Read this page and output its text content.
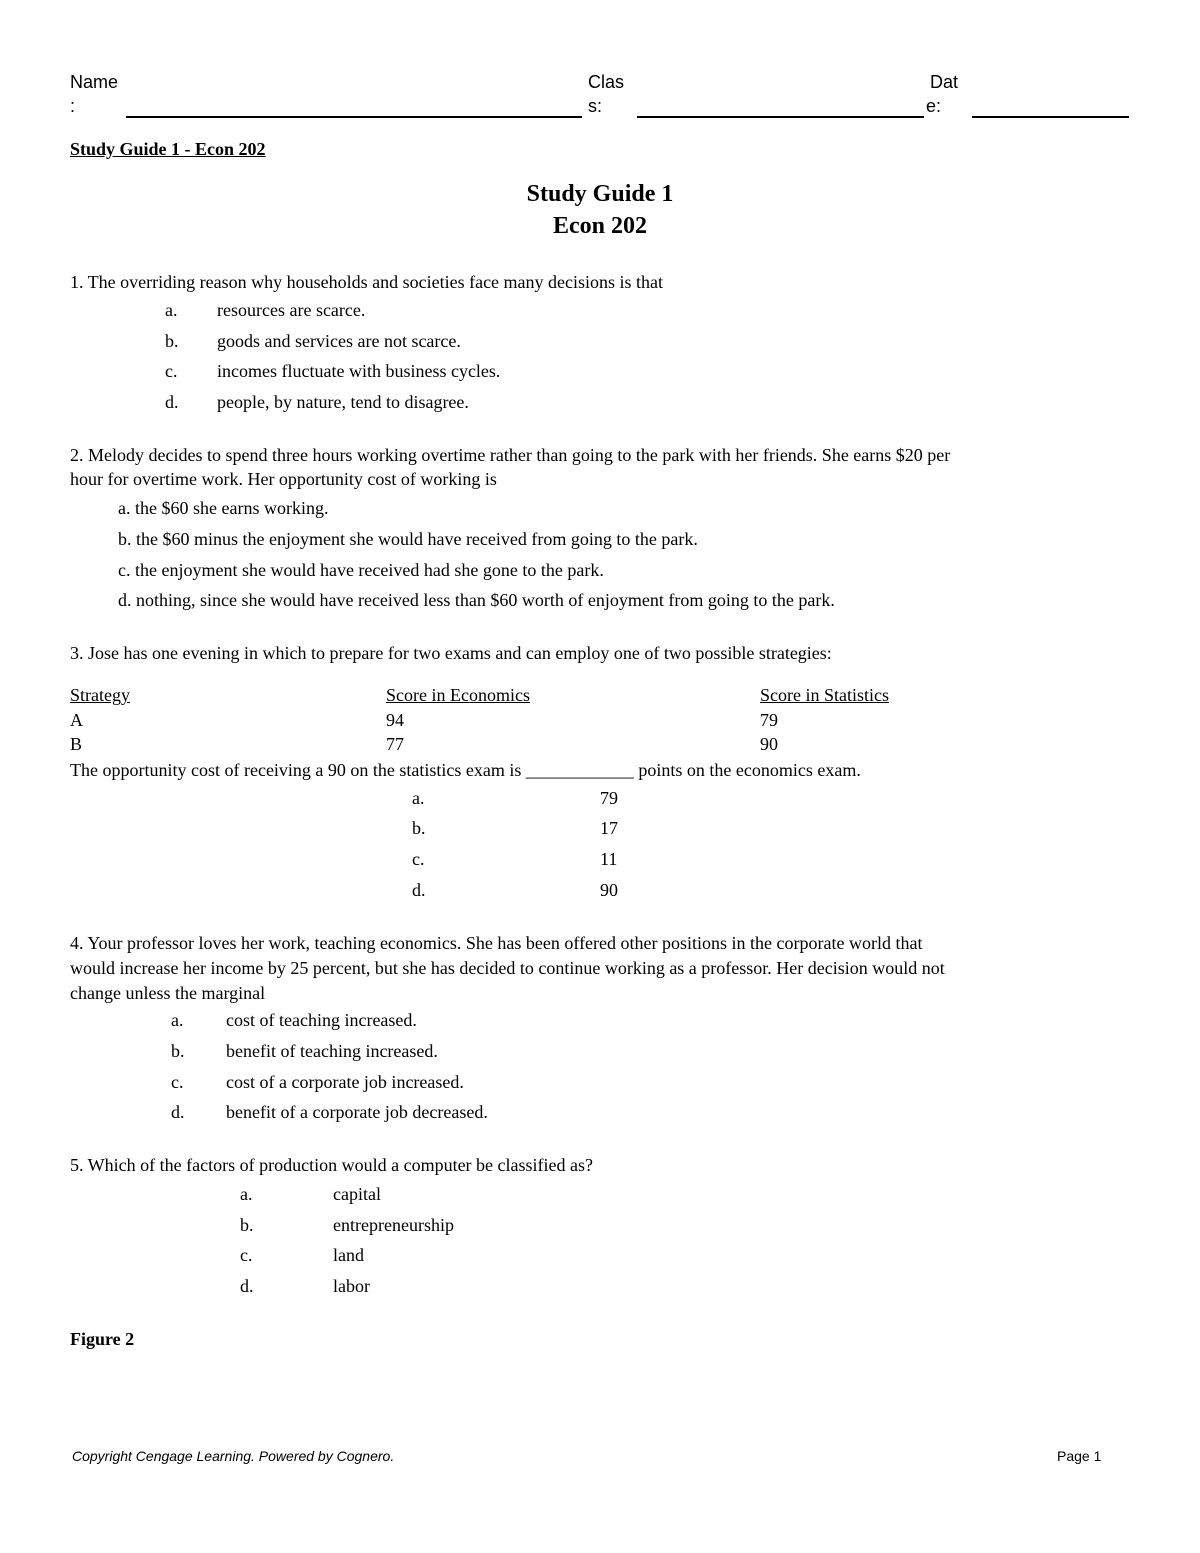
Name
:
Clas
s:
Dat
e:
Study Guide 1 - Econ 202
Study Guide 1
Econ 202
1. The overriding reason why households and societies face many decisions is that
a. resources are scarce.
b. goods and services are not scarce.
c. incomes fluctuate with business cycles.
d. people, by nature, tend to disagree.
2. Melody decides to spend three hours working overtime rather than going to the park with her friends. She earns $20 per
hour for overtime work. Her opportunity cost of working is
a. the $60 she earns working.
b. the $60 minus the enjoyment she would have received from going to the park.
c. the enjoyment she would have received had she gone to the park.
d. nothing, since she would have received less than $60 worth of enjoyment from going to the park.
3. Jose has one evening in which to prepare for two exams and can employ one of two possible strategies:
Strategy	Score in Economics	Score in Statistics
A	94	79
B	77	90
The opportunity cost of receiving a 90 on the statistics exam is ____________ points on the economics exam.
a.	79
b.	17
c.	11
d.	90
4. Your professor loves her work, teaching economics. She has been offered other positions in the corporate world that
would increase her income by 25 percent, but she has decided to continue working as a professor. Her decision would not
change unless the marginal
a. cost of teaching increased.
b. benefit of teaching increased.
c. cost of a corporate job increased.
d. benefit of a corporate job decreased.
5. Which of the factors of production would a computer be classified as?
a.	capital
b.	entrepreneurship
c.	land
d.	labor
Figure 2
Copyright Cengage Learning. Powered by Cognero.	Page 1
